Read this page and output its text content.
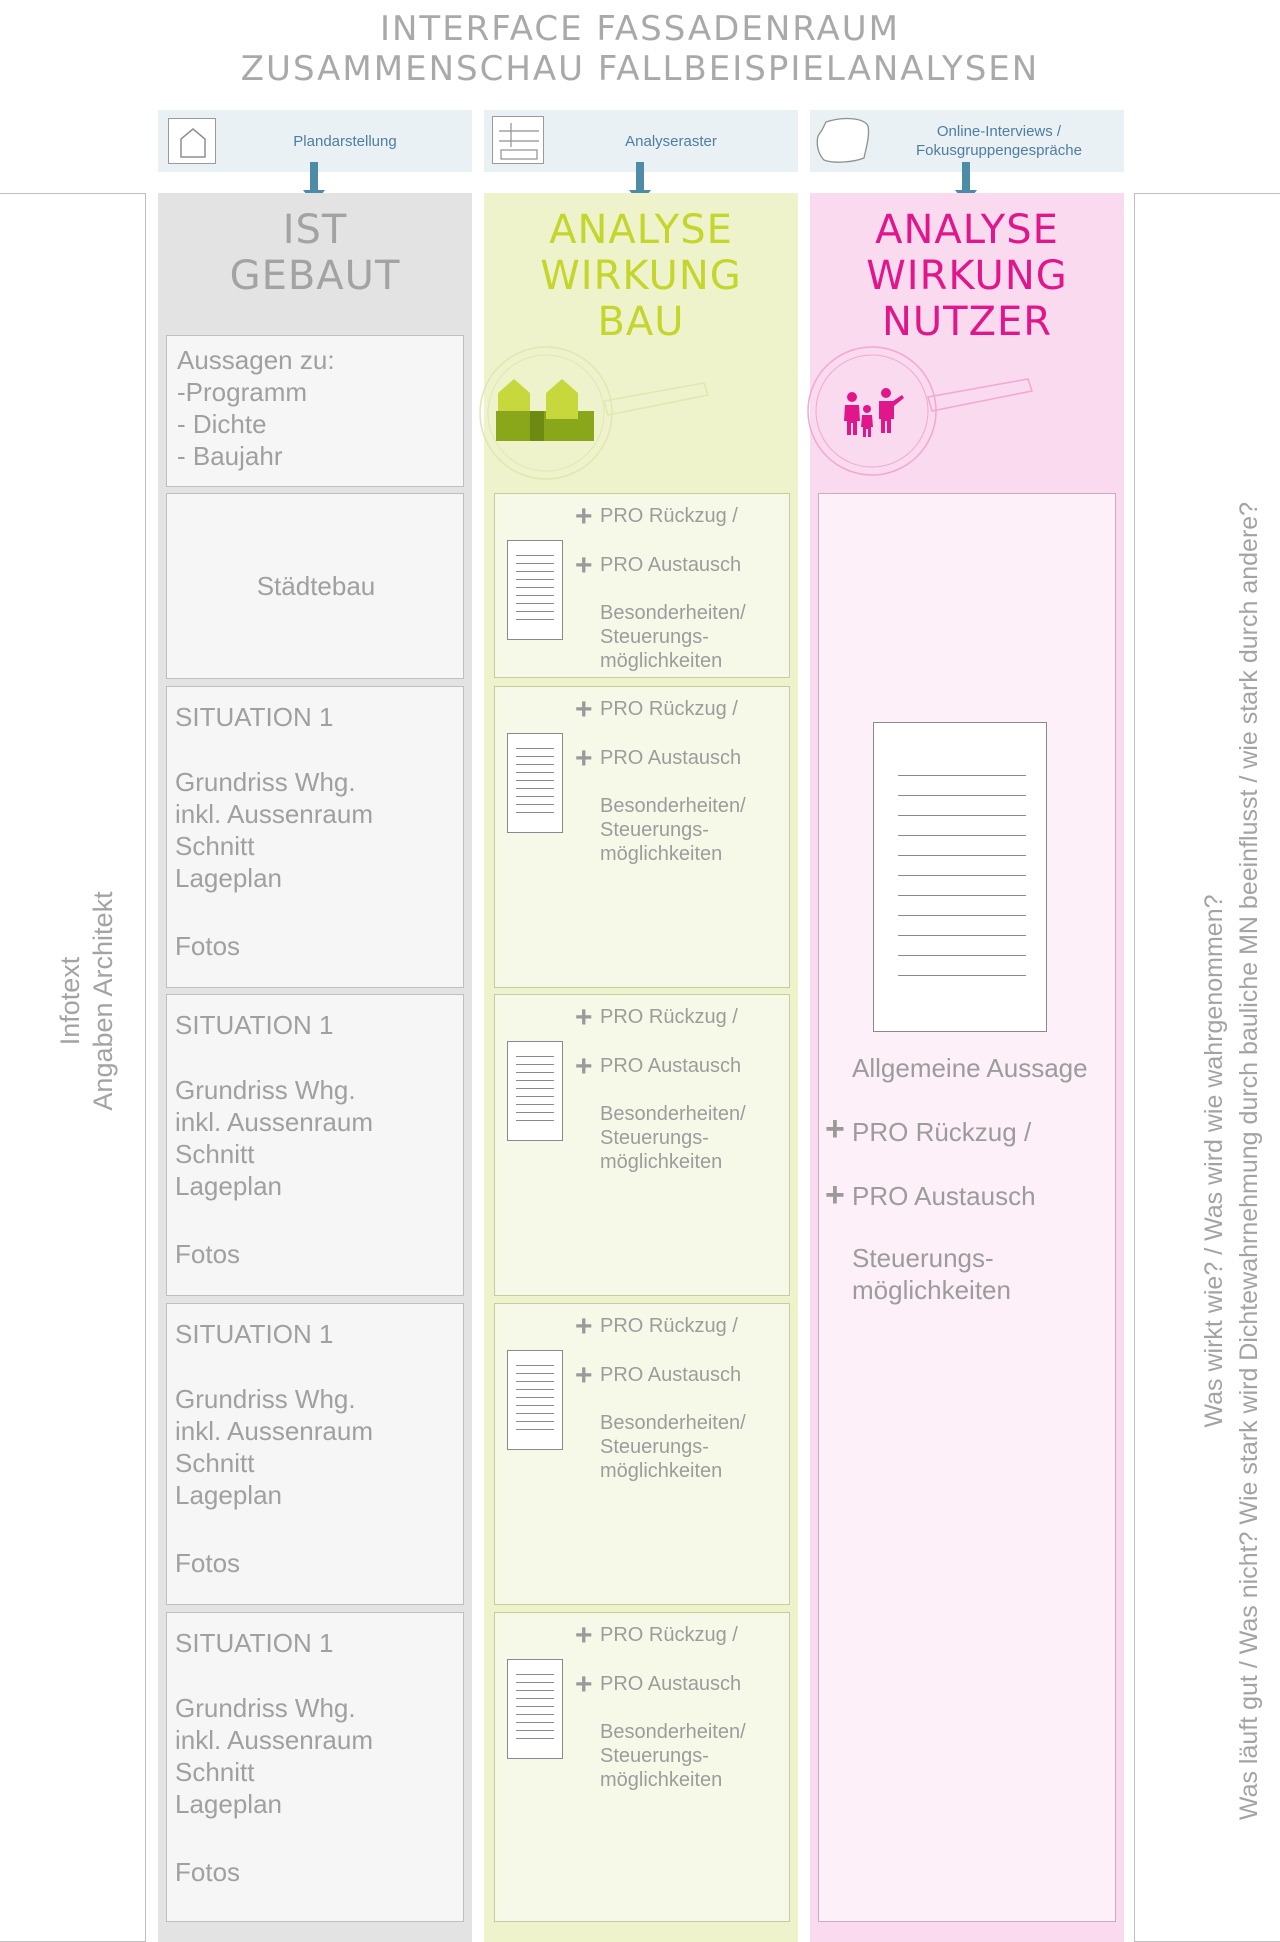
INTERFACE FASSADENRAUM
ZUSAMMENSCHAU FALLBEISPIELANALYSEN
Plandarstellung	Analyseraster
Online-Interviews /
Fokusgruppengespräche
Infotext Angaben Architekt	Was wirkt wie? / Was wird wie wahrgenommen? Was läuft gut / Was nicht? Wie stark wird Dichtewahrnehmung durch bauliche MN beeinflusst / wie stark durch andere?
IST
GEBAUT
Aussagen zu:
-Programm
- Dichte
- Baujahr
Städtebau
SITUATION 1
Grundriss Whg.
inkl. Aussenraum
Schnitt
Lageplan
Fotos
SITUATION 1
Grundriss Whg.
inkl. Aussenraum
Schnitt
Lageplan
Fotos
SITUATION 1
Grundriss Whg.
inkl. Aussenraum
Schnitt
Lageplan
Fotos
SITUATION 1
Grundriss Whg.
inkl. Aussenraum
Schnitt
Lageplan
Fotos
ANALYSE
WIRKUNG
BAU
+ PRO Rückzug /
+ PRO Austausch
Besonderheiten/
Steuerungs-
möglichkeiten
+ PRO Rückzug /
+ PRO Austausch
Besonderheiten/
Steuerungs-
möglichkeiten
+ PRO Rückzug /
+ PRO Austausch
Besonderheiten/
Steuerungs-
möglichkeiten
+ PRO Rückzug /
+ PRO Austausch
Besonderheiten/
Steuerungs-
möglichkeiten
+ PRO Rückzug /
+ PRO Austausch
Besonderheiten/
Steuerungs-
möglichkeiten
ANALYSE
WIRKUNG
NUTZER
Allgemeine Aussage
+ PRO Rückzug /
+ PRO Austausch
Steuerungs-
möglichkeiten
